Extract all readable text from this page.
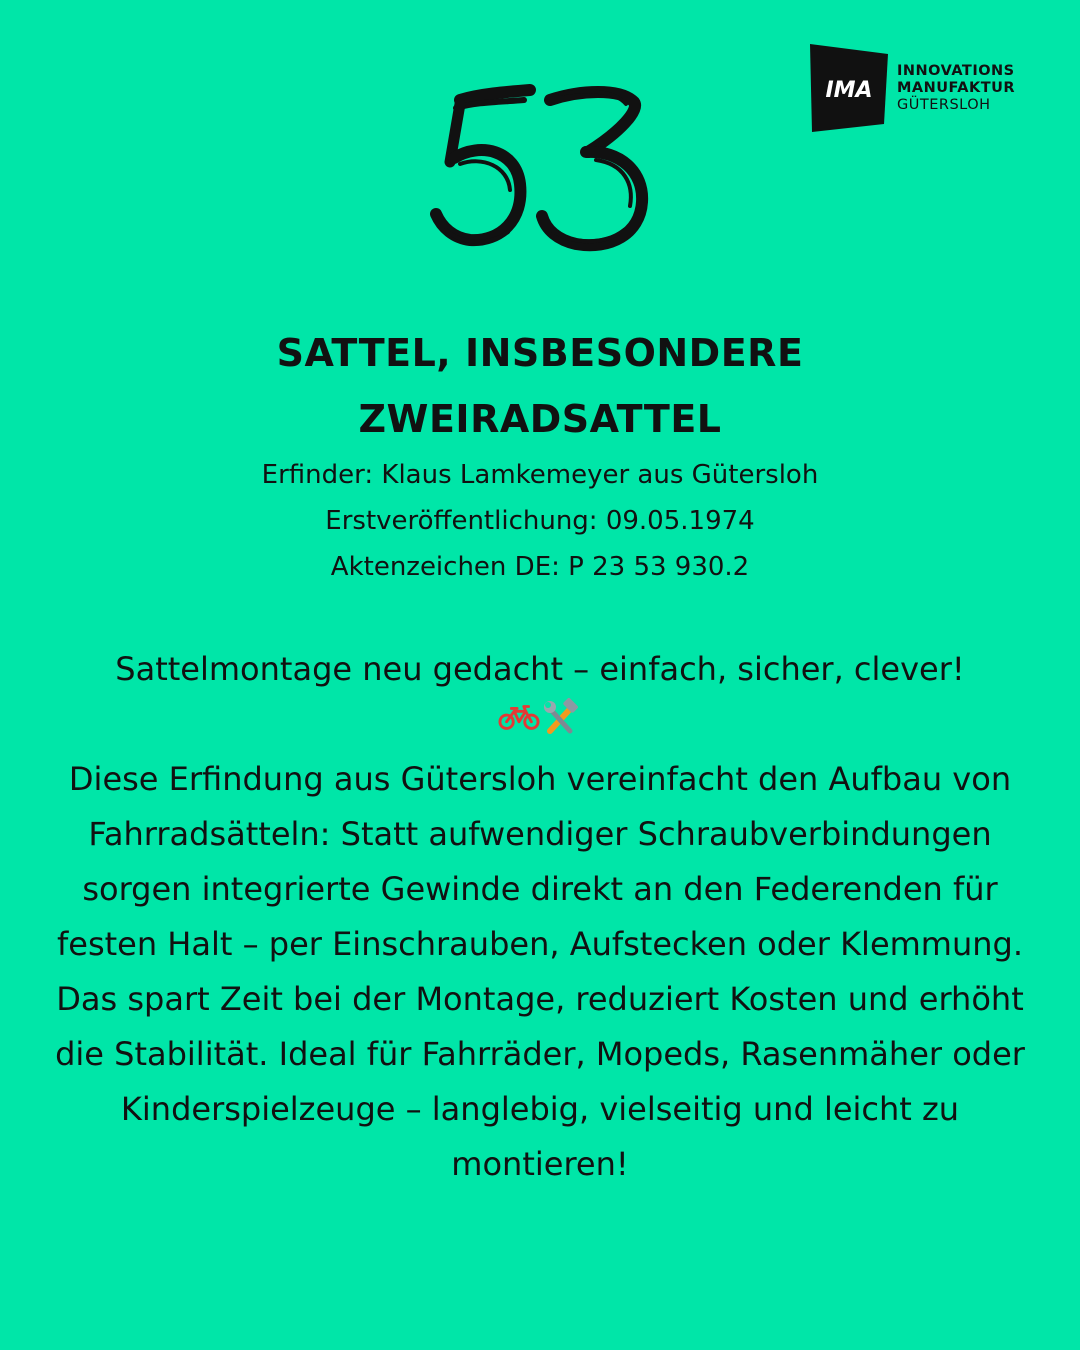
IMA
INNOVATIONS
MANUFAKTUR
GÜTERSLOH
SATTEL, INSBESONDERE
ZWEIRADSATTEL
Erfinder: Klaus Lamkemeyer aus Gütersloh
Erstveröffentlichung: 09.05.1974
Aktenzeichen DE: P 23 53 930.2
Sattelmontage neu gedacht – einfach, sicher, clever!
Diese Erfindung aus Gütersloh vereinfacht den Aufbau von Fahrradsätteln: Statt aufwendiger Schraubverbindungen sorgen integrierte Gewinde direkt an den Federenden für festen Halt – per Einschrauben, Aufstecken oder Klemmung. Das spart Zeit bei der Montage, reduziert Kosten und erhöht die Stabilität. Ideal für Fahrräder, Mopeds, Rasenmäher oder Kinderspielzeuge – langlebig, vielseitig und leicht zu montieren!
